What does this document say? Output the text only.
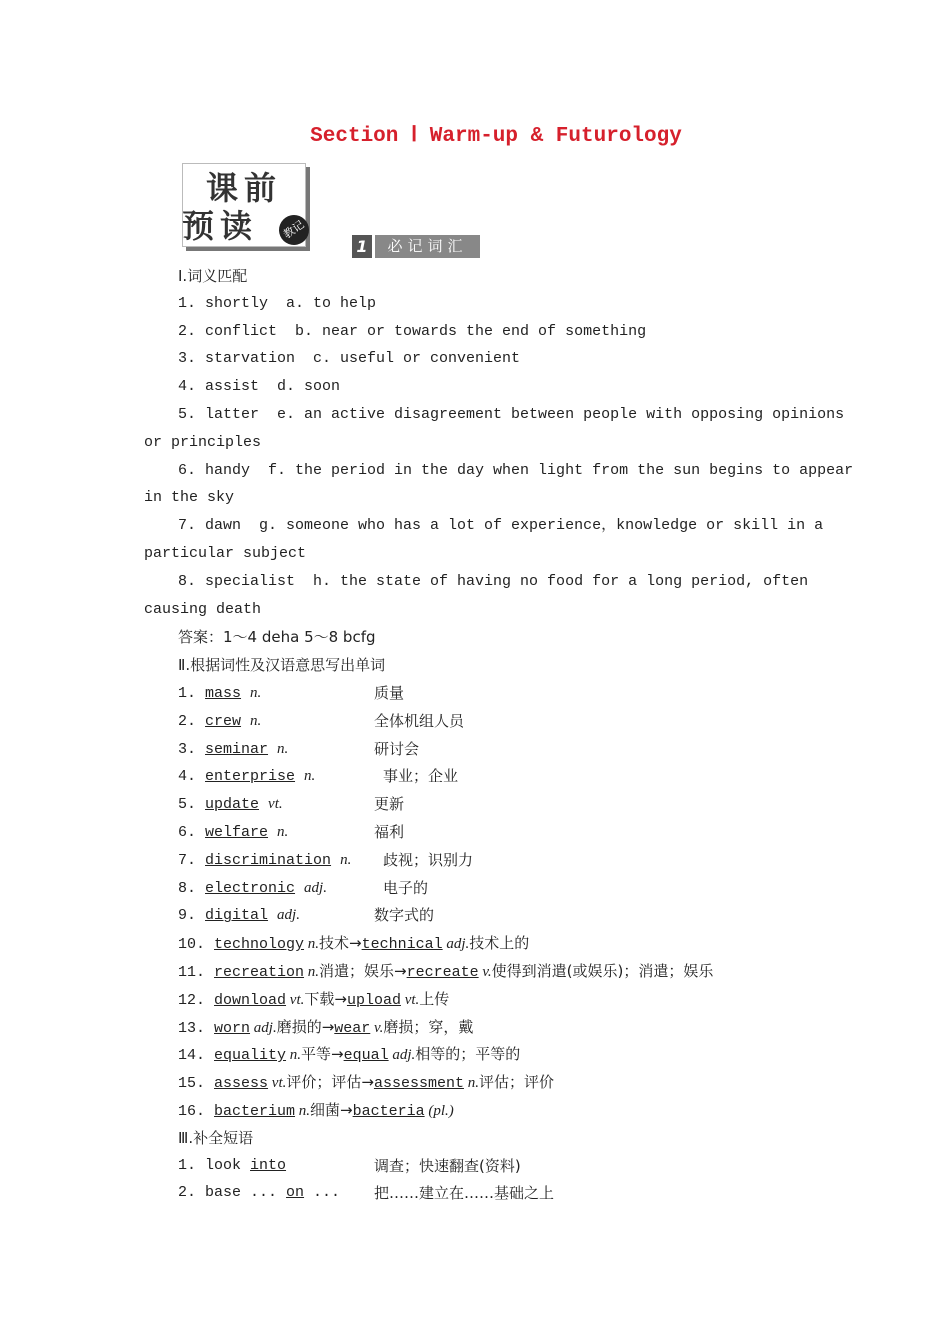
Section Ⅰ Warm-up & Futurology
课前
预读	教记
1	必记词汇
Ⅰ.词义匹配
1. shortly  a. to help
2. conflict  b. near or towards the end of something
3. starvation  c. useful or convenient
4. assist  d. soon
5. latter  e. an active disagreement between people with opposing opinions
or principles
6. handy  f. the period in the day when light from the sun begins to appear
in the sky
7. dawn  g. someone who has a lot of experience，knowledge or skill in a
particular subject
8. specialist  h. the state of having no food for a long period, often
causing death
答案：1～4 deha 5～8 bcfg
Ⅱ.根据词性及汉语意思写出单词
1. mass n.	质量
2. crew n.	全体机组人员
3. seminar n.	研讨会
4. enterprise n.	事业；企业
5. update vt.	更新
6. welfare n.	福利
7. discrimination n. 歧视；识别力
8. electronic adj.	电子的
9. digital adj.	数字式的
10. technology n.技术→technical adj.技术上的
11. recreation n.消遣；娱乐→recreate v.使得到消遣(或娱乐)；消遣；娱乐
12. download vt.下载→upload vt.上传
13. worn adj.磨损的→wear v.磨损；穿，戴
14. equality n.平等→equal adj.相等的；平等的
15. assess vt.评价；评估→assessment n.评估；评价
16. bacterium n.细菌→bacteria (pl.)
Ⅲ.补全短语
1. look into	调查；快速翻查(资料)
2. base ... on ... 把……建立在……基础之上
